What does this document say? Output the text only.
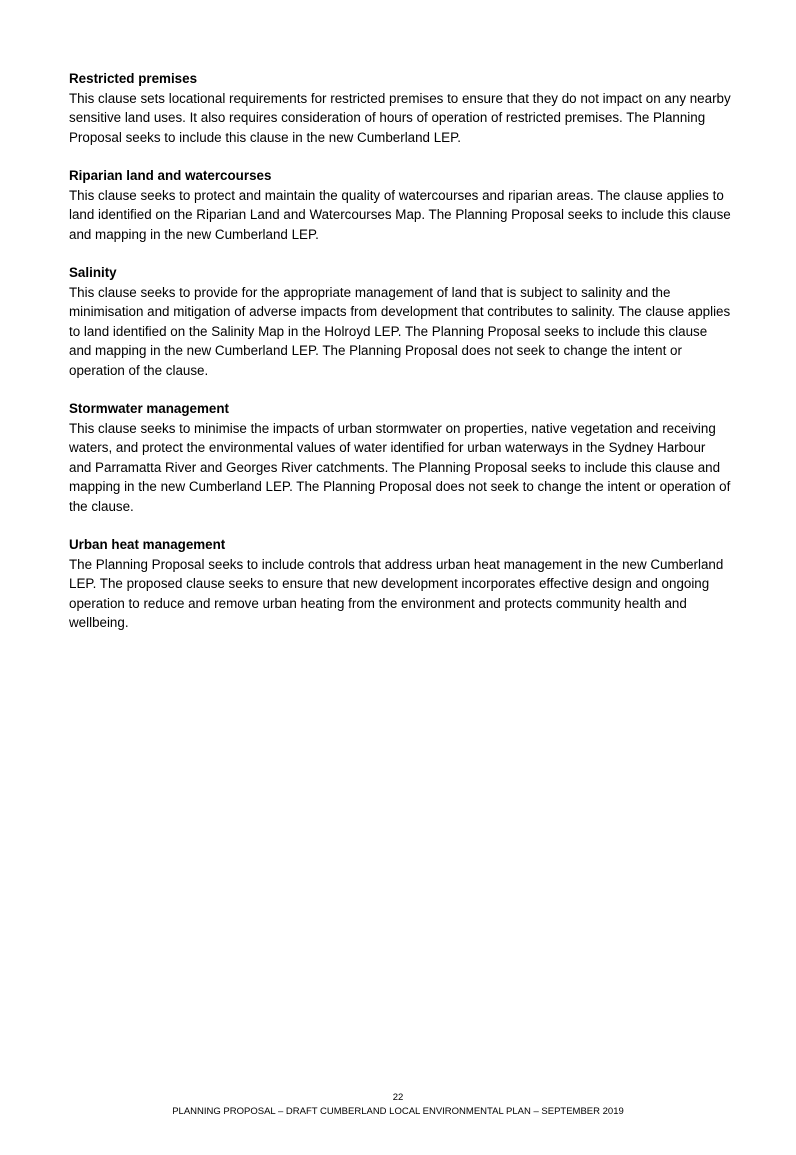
Restricted premises

This clause sets locational requirements for restricted premises to ensure that they do not impact on any nearby sensitive land uses. It also requires consideration of hours of operation of restricted premises. The Planning Proposal seeks to include this clause in the new Cumberland LEP.

Riparian land and watercourses

This clause seeks to protect and maintain the quality of watercourses and riparian areas. The clause applies to land identified on the Riparian Land and Watercourses Map. The Planning Proposal seeks to include this clause and mapping in the new Cumberland LEP.

Salinity

This clause seeks to provide for the appropriate management of land that is subject to salinity and the minimisation and mitigation of adverse impacts from development that contributes to salinity. The clause applies to land identified on the Salinity Map in the Holroyd LEP. The Planning Proposal seeks to include this clause and mapping in the new Cumberland LEP. The Planning Proposal does not seek to change the intent or operation of the clause.

Stormwater management

This clause seeks to minimise the impacts of urban stormwater on properties, native vegetation and receiving waters, and protect the environmental values of water identified for urban waterways in the Sydney Harbour and Parramatta River and Georges River catchments. The Planning Proposal seeks to include this clause and mapping in the new Cumberland LEP. The Planning Proposal does not seek to change the intent or operation of the clause.

Urban heat management

The Planning Proposal seeks to include controls that address urban heat management in the new Cumberland LEP. The proposed clause seeks to ensure that new development incorporates effective design and ongoing operation to reduce and remove urban heating from the environment and protects community health and wellbeing.

22

PLANNING PROPOSAL – DRAFT CUMBERLAND LOCAL ENVIRONMENTAL PLAN – SEPTEMBER 2019
